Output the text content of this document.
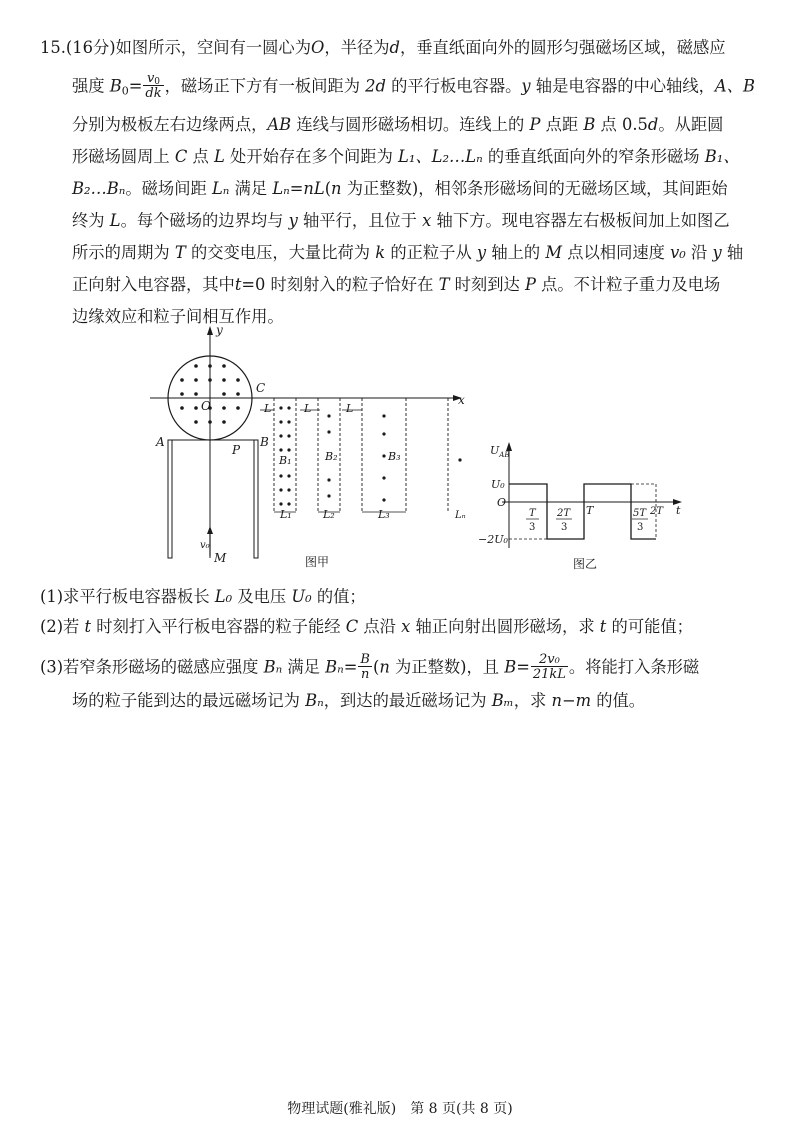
15.(16分)如图所示，空间有一圆心为O，半径为d，垂直纸面向外的圆形匀强磁场区域，磁感应
强度 $B_0= \frac{v_0}{dk}$ ，磁场正下方有一板间距为 2d 的平行板电容器。y 轴是电容器的中心轴线，A、B
分别为极板左右边缘两点，AB 连线与圆形磁场相切。连线上的 P 点距 B 点 0.5d。从距圆
形磁场圆周上 C 点 L 处开始存在多个间距为 L₁、L₂…Lₙ 的垂直纸面向外的窄条形磁场 B₁、
B₂…Bₙ。磁场间距 Lₙ 满足 Lₙ=nL(n 为正整数)，相邻条形磁场间的无磁场区域，其间距始
终为 L。每个磁场的边界均与 y 轴平行，且位于 x 轴下方。现电容器左右极板间加上如图乙
所示的周期为 T 的交变电压，大量比荷为 k 的正粒子从 y 轴上的 M 点以相同速度 v₀ 沿 y 轴
正向射入电容器，其中t=0 时刻射入的粒子恰好在 T 时刻到达 P 点。不计粒子重力及电场
边缘效应和粒子间相互作用。
y
x
O
C
A	B
P
v₀
M
L	L	L
B₁	B₂	B₃
L₁	L₂	L₃	Lₙ
图甲
$U_{AB}$
t
O
U₀
−2U₀
T
3
2T
3
T	5T
3
2T
图乙
(1)求平行板电容器板长 L₀ 及电压 U₀ 的值；
(2)若 t 时刻打入平行板电容器的粒子能经 C 点沿 x 轴正向射出圆形磁场，求 t 的可能值；
(3)若窄条形磁场的磁感应强度 Bₙ 满足 $B_n= \frac{B}{n} (n$ 为正整数)，且 $B= \frac{\text{2v₀}}{21kL}$ 。将能打入条形磁
场的粒子能到达的最远磁场记为 Bₙ，到达的最近磁场记为 Bₘ，求 n−m 的值。
物理试题(雅礼版)　第 8 页(共 8 页)
